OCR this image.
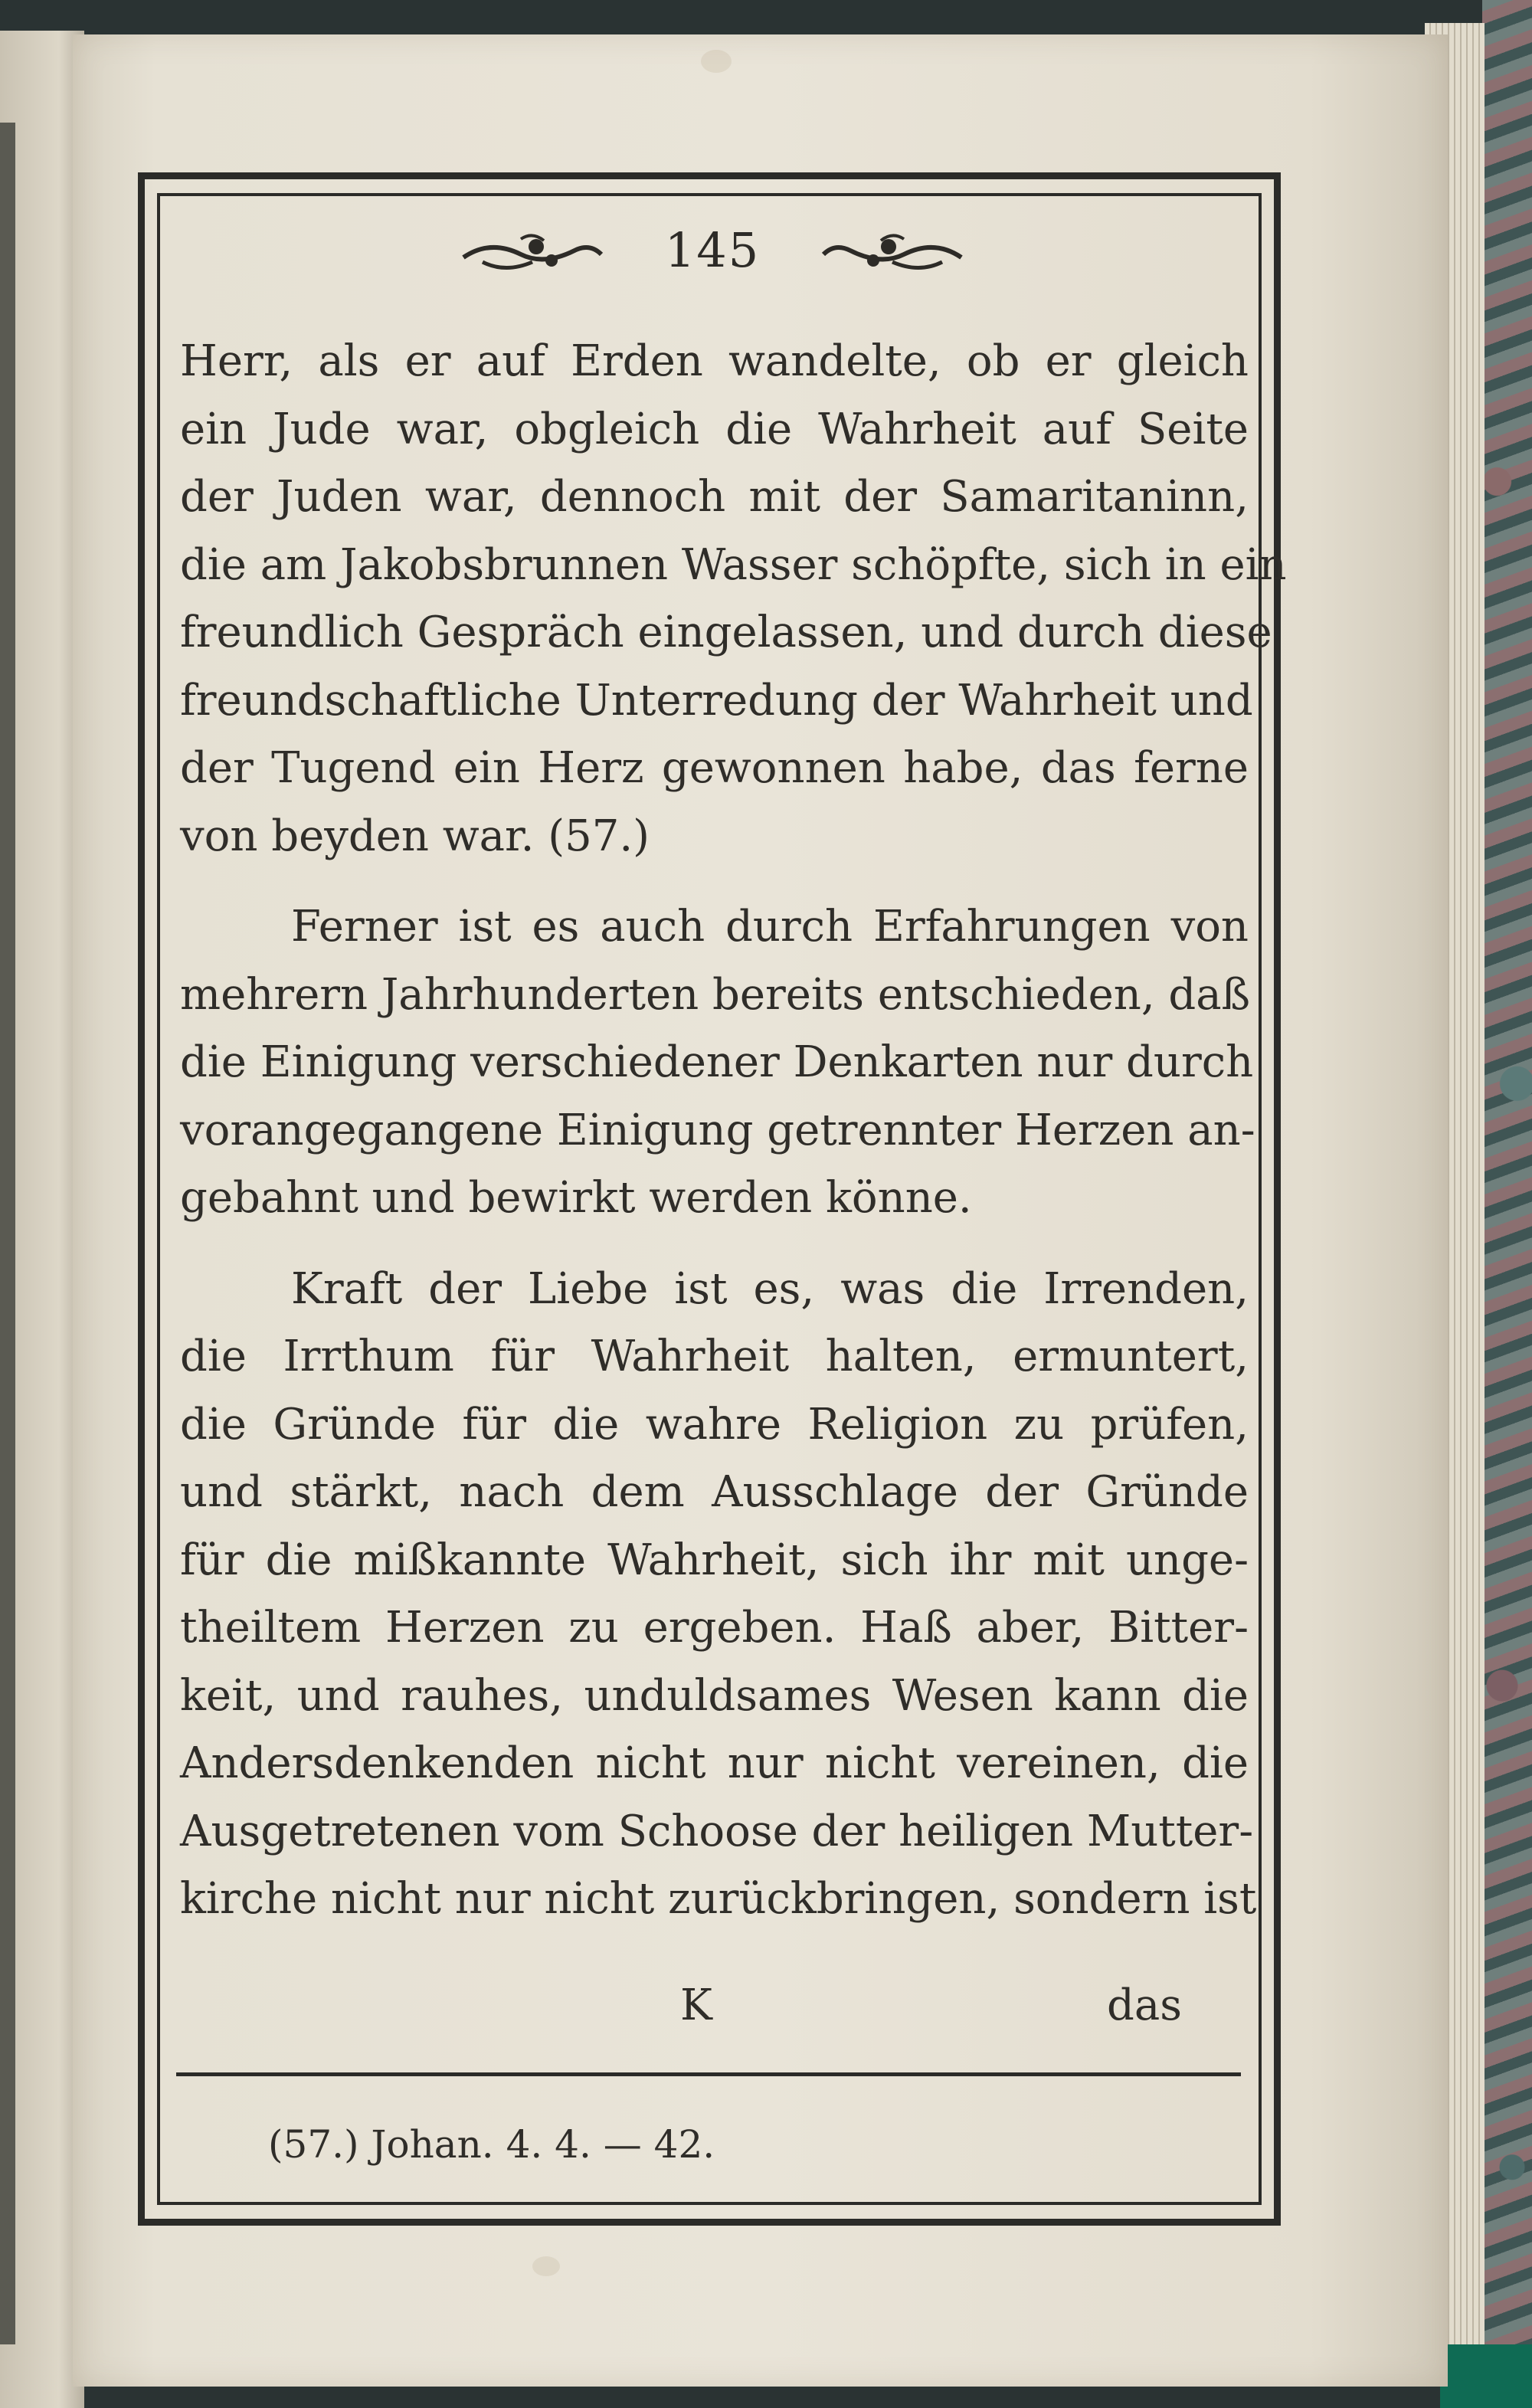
145
Herr, als er auf Erden wandelte, ob er gleich
ein Jude war, obgleich die Wahrheit auf Seite
der Juden war, dennoch mit der Samaritaninn,
die am Jakobsbrunnen Wasser schöpfte, sich in ein
freundlich Gespräch eingelassen, und durch diese
freundschaftliche Unterredung der Wahrheit und
der Tugend ein Herz gewonnen habe, das ferne
von beyden war. (57.)
Ferner ist es auch durch Erfahrungen von
mehrern Jahrhunderten bereits entschieden, daß
die Einigung verschiedener Denkarten nur durch
vorangegangene Einigung getrennter Herzen an-
gebahnt und bewirkt werden könne.
Kraft der Liebe ist es, was die Irrenden,
die Irrthum für Wahrheit halten, ermuntert,
die Gründe für die wahre Religion zu prüfen,
und stärkt, nach dem Ausschlage der Gründe
für die mißkannte Wahrheit, sich ihr mit unge-
theiltem Herzen zu ergeben. Haß aber, Bitter-
keit, und rauhes, unduldsames Wesen kann die
Andersdenkenden nicht nur nicht vereinen, die
Ausgetretenen vom Schoose der heiligen Mutter-
kirche nicht nur nicht zurückbringen, sondern ist
K	das
(57.) Johan. 4. 4. — 42.
